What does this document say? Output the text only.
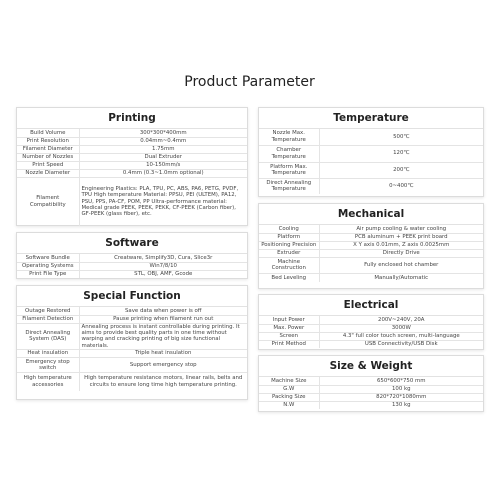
Product Parameter
Printing
Build Volume	300*300*400mm
Print Resolution	0.04mm~0.4mm
Filament Diameter	1.75mm
Number of Nozzles	Dual Extruder
Print Speed	10-150mm/s
Nozzle Diameter	0.4mm (0.3~1.0mm optional)
Filament Compatibility	Engineering Plastics: PLA, TPU, PC, ABS, PA6, PETG, PVDF, TPU High temperature Material: PPSU, PEI (ULTEM), PA12, PSU, PPS, PA-CF, POM, PP Ultra-performance material: Medical grade PEEK, PEEK, PEKK, CF-PEEK (Carbon fiber), GF-PEEK (glass fiber), etc.
Software
Software Bundle	Creatware, Simplify3D, Cura, Slice3r
Operating Systems	Win7/8/10
Print File Type	STL, OBJ, AMF, Gcode
Special Function
Outage Restored	Save data when power is off
Filament Detection	Pause printing when filament run out
Direct Annealing System (DAS)	Annealing process is instant controllable during printing. It aims to provide best quality parts in one time without warping and cracking printing of big size functional materials.
Heat insulation	Triple heat insulation
Emergency stop switch	Support emergency stop
High temperature accessories	High temperature resistance motors, linear rails, belts and circuits to ensure long time high temperature printing.
Temperature
Nozzle Max. Temperature	500℃
Chamber Temperature	120℃
Platform Max. Temperature	200℃
Direct Annealing Temperature	0~400℃
Mechanical
Cooling	Air pump cooling & water cooling
Platform	PCB aluminum + PEEK print board
Positioning Precision	X Y axis 0.01mm, Z axis 0.0025mm
Extruder	Directly Drive
Machine Construction	Fully enclosed hot chamber
Bed Leveling	Manually/Automatic
Electrical
Input Power	200V~240V, 20A
Max. Power	3000W
Screen	4.3" full color touch screen, multi-language
Print Method	USB Connectivity/USB Disk
Size & Weight
Machine Size	650*600*750 mm
G.W	100 kg
Packing Size	820*720*1080mm
N.W	130 kg
